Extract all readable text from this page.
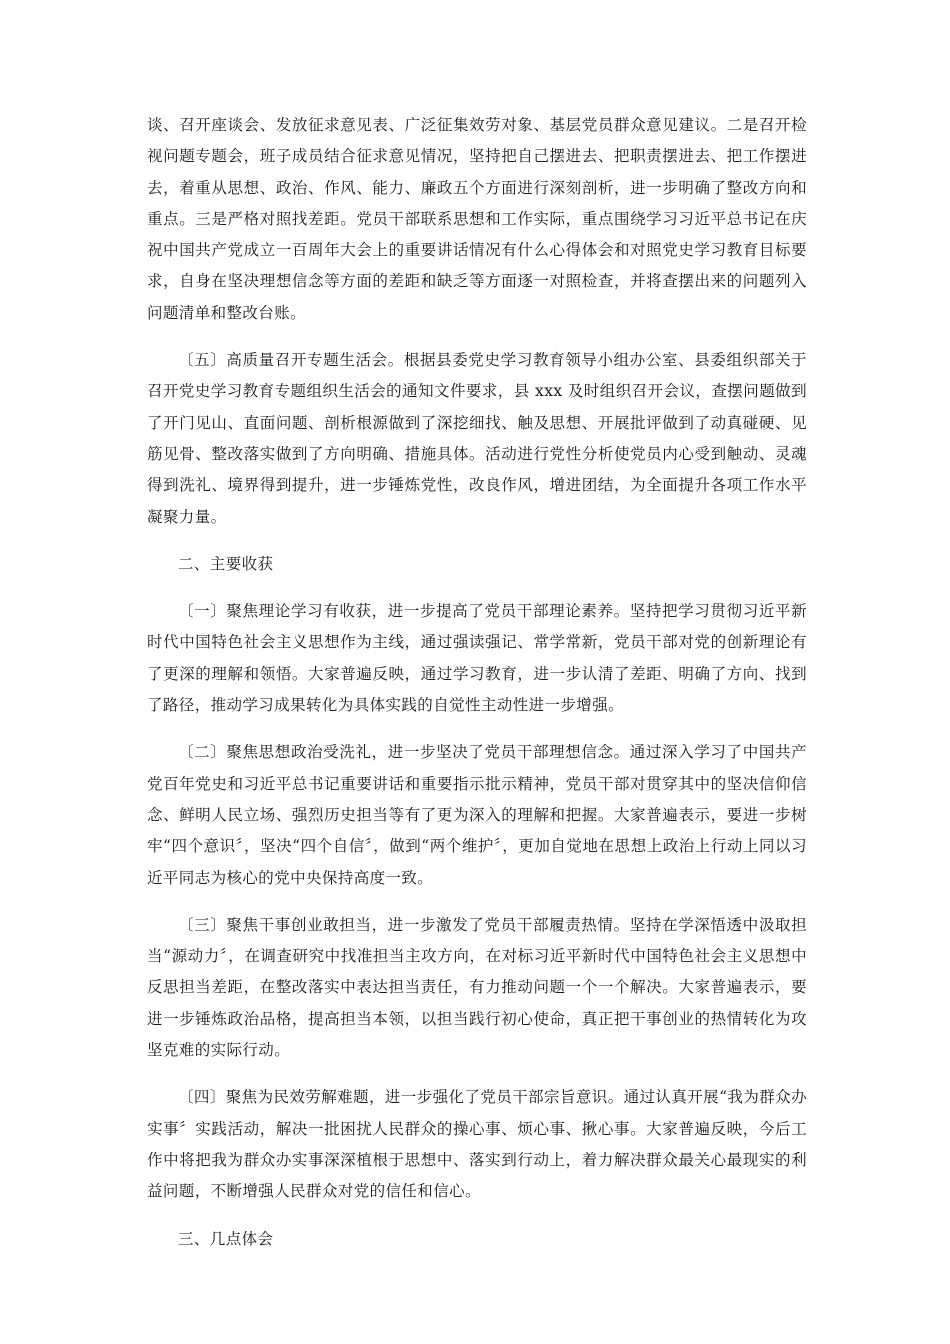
谈、召开座谈会、发放征求意见表、广泛征集效劳对象、基层党员群众意见建议。二是召开检视问题专题会，班子成员结合征求意见情况，坚持把自己摆进去、把职责摆进去、把工作摆进去，着重从思想、政治、作风、能力、廉政五个方面进行深刻剖析，进一步明确了整改方向和重点。三是严格对照找差距。党员干部联系思想和工作实际，重点围绕学习习近平总书记在庆祝中国共产党成立一百周年大会上的重要讲话情况有什么心得体会和对照党史学习教育目标要求，自身在坚决理想信念等方面的差距和缺乏等方面逐一对照检查，并将查摆出来的问题列入问题清单和整改台账。

〔五〕高质量召开专题生活会。根据县委党史学习教育领导小组办公室、县委组织部关于召开党史学习教育专题组织生活会的通知文件要求，县 xxx 及时组织召开会议，查摆问题做到了开门见山、直面问题、剖析根源做到了深挖细找、触及思想、开展批评做到了动真碰硬、见筋见骨、整改落实做到了方向明确、措施具体。活动进行党性分析使党员内心受到触动、灵魂得到洗礼、境界得到提升，进一步锤炼党性，改良作风，增进团结，为全面提升各项工作水平凝聚力量。

二、主要收获

〔一〕聚焦理论学习有收获，进一步提高了党员干部理论素养。坚持把学习贯彻习近平新时代中国特色社会主义思想作为主线，通过强读强记、常学常新，党员干部对党的创新理论有了更深的理解和领悟。大家普遍反映，通过学习教育，进一步认清了差距、明确了方向、找到了路径，推动学习成果转化为具体实践的自觉性主动性进一步增强。

〔二〕聚焦思想政治受洗礼，进一步坚决了党员干部理想信念。通过深入学习了中国共产党百年党史和习近平总书记重要讲话和重要指示批示精神，党员干部对贯穿其中的坚决信仰信念、鲜明人民立场、强烈历史担当等有了更为深入的理解和把握。大家普遍表示，要进一步树牢“四个意识〞，坚决“四个自信〞，做到“两个维护〞，更加自觉地在思想上政治上行动上同以习近平同志为核心的党中央保持高度一致。

〔三〕聚焦干事创业敢担当，进一步激发了党员干部履责热情。坚持在学深悟透中汲取担当“源动力〞，在调查研究中找准担当主攻方向，在对标习近平新时代中国特色社会主义思想中反思担当差距，在整改落实中表达担当责任，有力推动问题一个一个解决。大家普遍表示，要进一步锤炼政治品格，提高担当本领，以担当践行初心使命，真正把干事创业的热情转化为攻坚克难的实际行动。

〔四〕聚焦为民效劳解难题，进一步强化了党员干部宗旨意识。通过认真开展“我为群众办实事〞实践活动，解决一批困扰人民群众的操心事、烦心事、揪心事。大家普遍反映，今后工作中将把我为群众办实事深深植根于思想中、落实到行动上，着力解决群众最关心最现实的利益问题，不断增强人民群众对党的信任和信心。

三、几点体会
